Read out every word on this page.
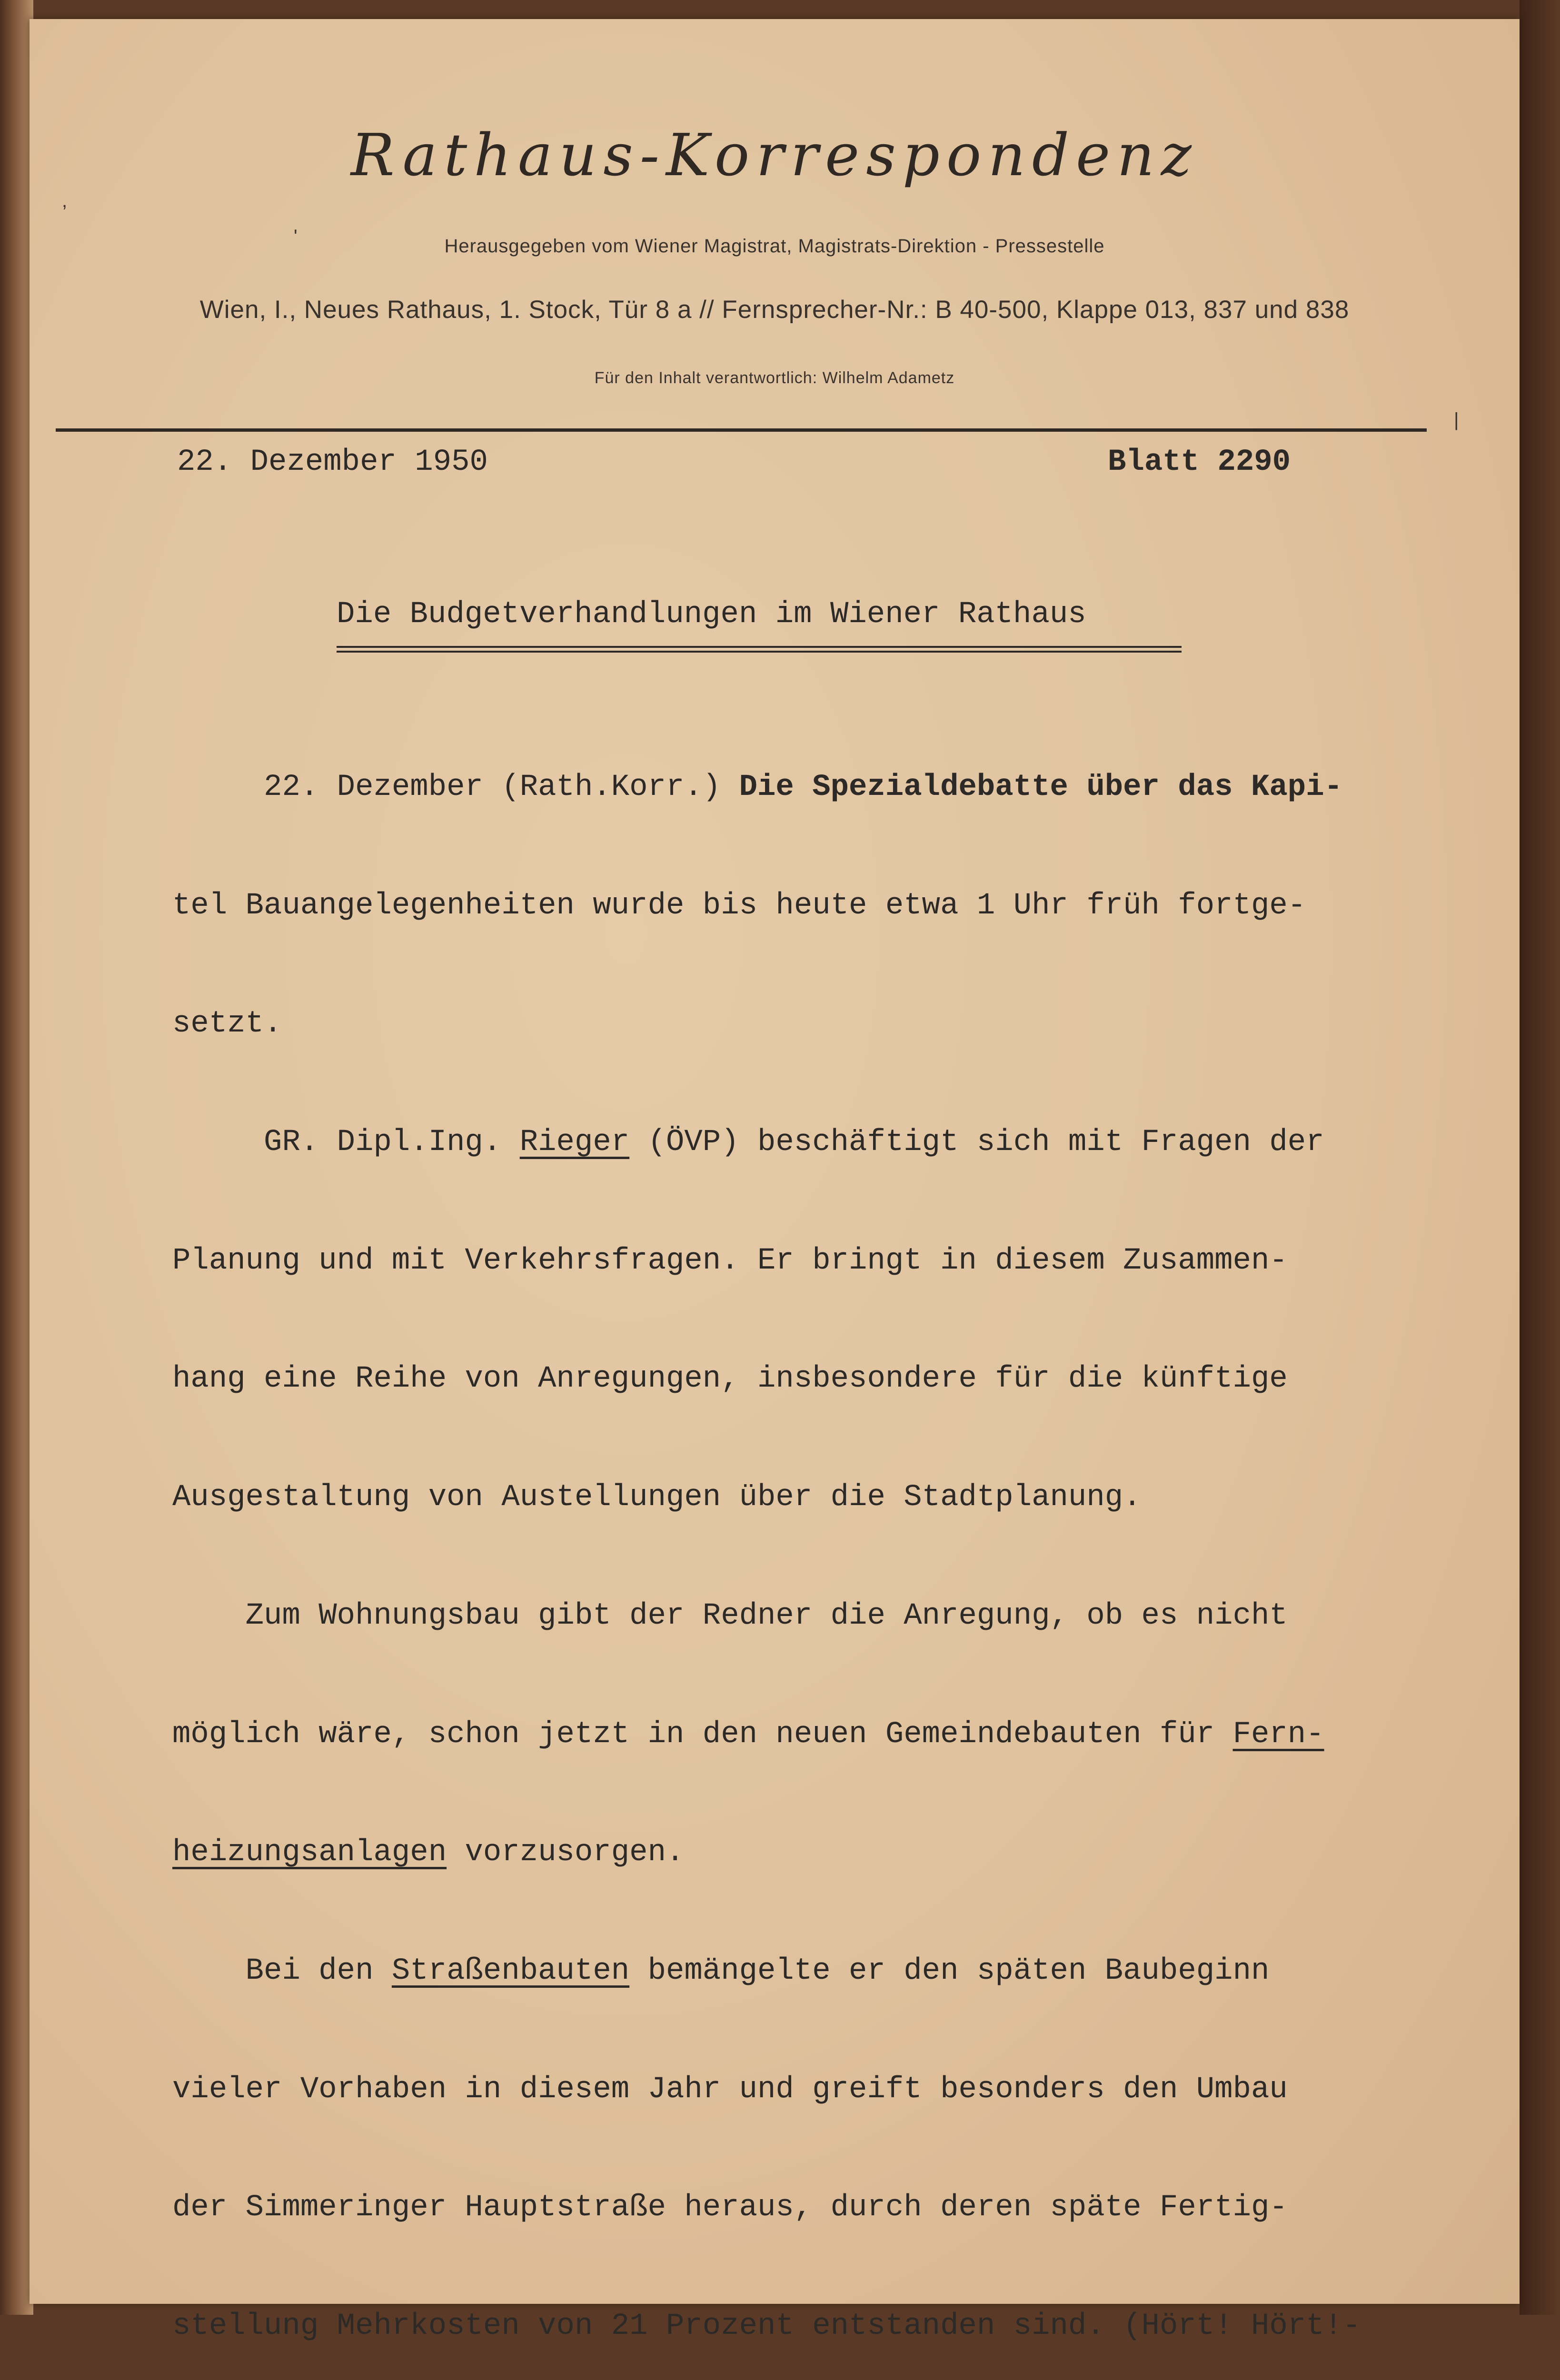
Rathaus-Korrespondenz
Herausgegeben vom Wiener Magistrat, Magistrats-Direktion - Pressestelle
Wien, I., Neues Rathaus, 1. Stock, Tür 8 a // Fernsprecher-Nr.: B 40-500, Klappe 013, 837 und 838
Für den Inhalt verantwortlich: Wilhelm Adametz
,
'
|
22. Dezember 1950	Blatt 2290
Die Budgetverhandlungen im Wiener Rathaus

22. Dezember (Rath.Korr.) Die Spezialdebatte über das Kapi-

tel Bauangelegenheiten wurde bis heute etwa 1 Uhr früh fortge-

setzt.

GR. Dipl.Ing. Rieger (ÖVP) beschäftigt sich mit Fragen der

Planung und mit Verkehrsfragen. Er bringt in diesem Zusammen-

hang eine Reihe von Anregungen, insbesondere für die künftige

Ausgestaltung von Austellungen über die Stadtplanung.

Zum Wohnungsbau gibt der Redner die Anregung, ob es nicht

möglich wäre, schon jetzt in den neuen Gemeindebauten für Fern-

heizungsanlagen vorzusorgen.

Bei den Straßenbauten bemängelte er den späten Baubeginn

vieler Vorhaben in diesem Jahr und greift besonders den Umbau

der Simmeringer Hauptstraße heraus, durch deren späte Fertig-

stellung Mehrkosten von 21 Prozent entstanden sind. (Hört! Hört!-
